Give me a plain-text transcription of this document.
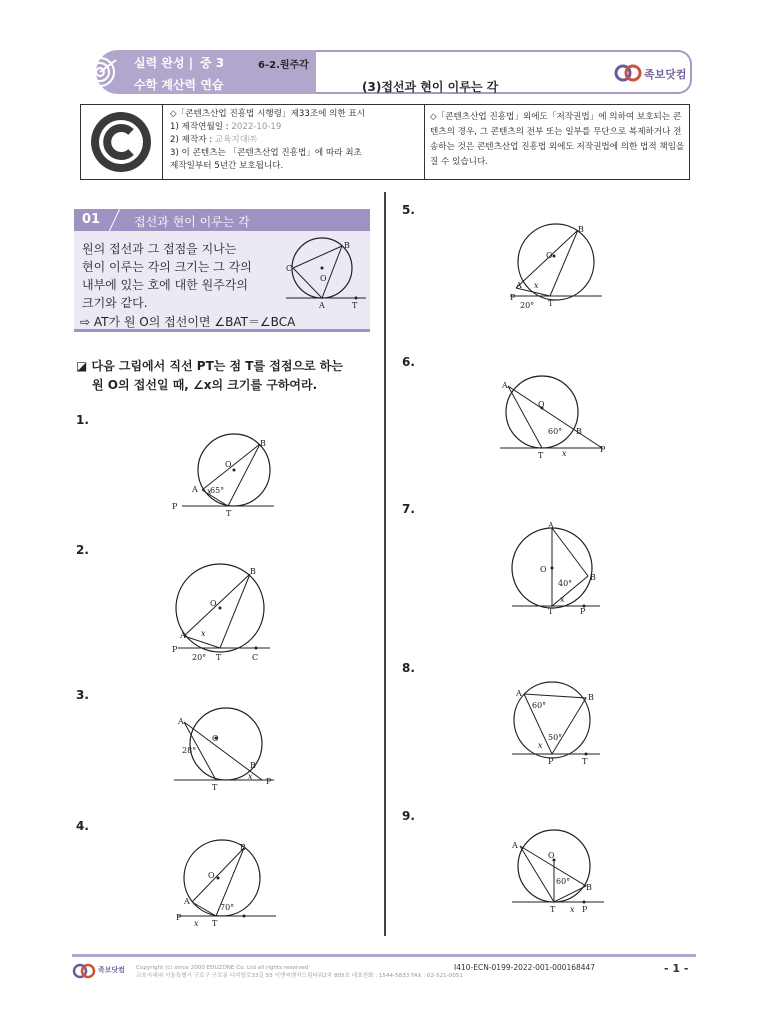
실력 완성 | 중 3
수학 계산력 연습
6-2.원주각
(3)접선과 현이 이루는 각
족보닷컴
◇「콘텐츠산업 진흥법 시행령」제33조에 의한 표시
1) 제작연월일 : 2022-10-19
2) 제작자 : 교육지대㈜
3) 이 콘텐츠는 「콘텐츠산업 진흥법」에 따라 최초
제작일부터 5년간 보호됩니다.
◇「콘텐츠산업 진흥법」외에도「저작권법」에 의하여 보호되는 콘텐츠의 경우, 그 콘텐츠의 전부 또는 일부를 무단으로 복제하거나 전송하는 것은 콘텐츠산업 진흥법 외에도 저작권법에 의한 법적 책임을 질 수 있습니다.
01	접선과 현이 이루는 각
원의 접선과 그 접점을 지나는
현이 이루는 각의 크기는 그 각의
내부에 있는 호에 대한 원주각의
크기와 같다.
⇨ AT가 원 O의 접선이면 ∠BAT＝∠BCA
C
B
O
A	T
◪ 다음 그림에서 직선 PT는 점 T를 접점으로 하는
원 O의 접선일 때, ∠x의 크기를 구하여라.
1.
2.
3.
4.
5.
6.
7.
8.
9.
O
B
A
P
T
x
65°
O
B
A
P
T	C
x
20°
O
A
B
P
T
x
28°
O
B
A
P
T
x
70°
O
B
A
P
T
x
20°
O
A
B
P
T x
60°
A
O
B
T	P
x
40°
A	B
P	T
x
60°
50°
A
O
B
T	P
x
60°
족보닷컴 Copyright (c) since 2000 EDUZONE Co. Ltd all rights reserved
교육지대㈜ 서울특별시 구로구 구로동 디지털로33길 55 이앤씨벤처드림타워2차 805호 대표전화 : 1544-5833 FAX : 02-521-0051
I410-ECN-0199-2022-001-000168447	- 1 -
